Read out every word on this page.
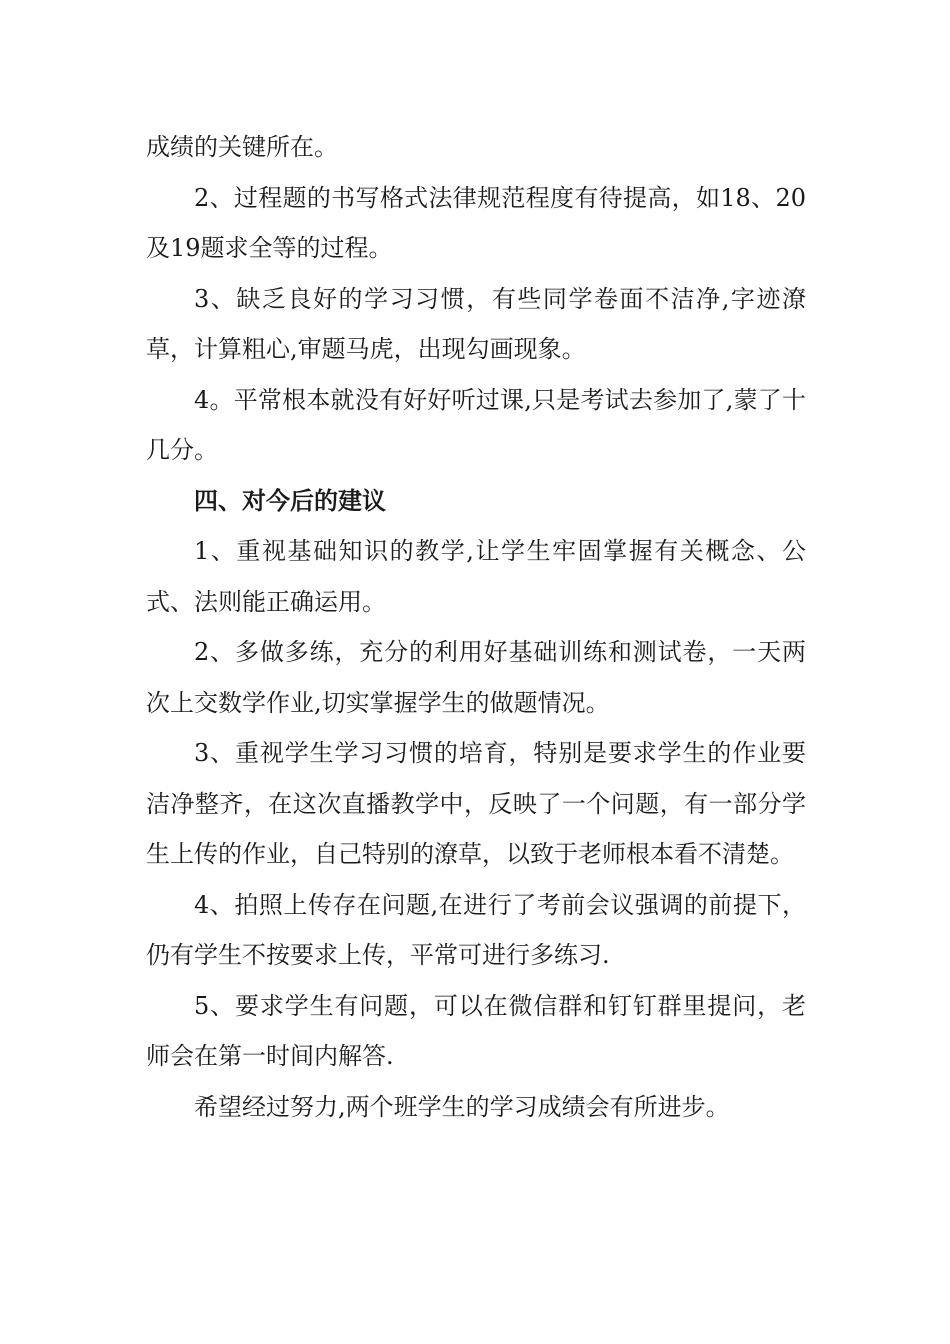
成绩的关键所在。

2、过程题的书写格式法律规范程度有待提高，如18、20及19题求全等的过程。

3、缺乏良好的学习习惯，有些同学卷面不洁净,字迹潦草，计算粗心,审题马虎，出现勾画现象。

4。平常根本就没有好好听过课,只是考试去参加了,蒙了十几分。

四、对今后的建议

1、重视基础知识的教学,让学生牢固掌握有关概念、公式、法则能正确运用。

2、多做多练，充分的利用好基础训练和测试卷，一天两次上交数学作业,切实掌握学生的做题情况。

3、重视学生学习习惯的培育，特别是要求学生的作业要洁净整齐，在这次直播教学中，反映了一个问题，有一部分学生上传的作业，自己特别的潦草，以致于老师根本看不清楚。

4、拍照上传存在问题,在进行了考前会议强调的前提下，仍有学生不按要求上传，平常可进行多练习.

5、要求学生有问题，可以在微信群和钉钉群里提问，老师会在第一时间内解答.

希望经过努力,两个班学生的学习成绩会有所进步。
